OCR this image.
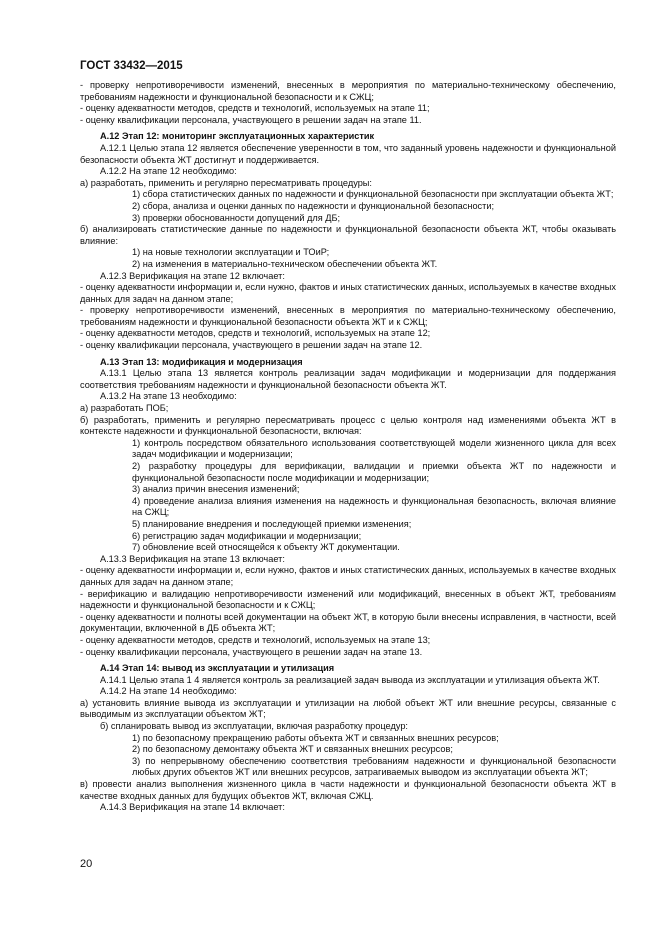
ГОСТ 33432—2015

- проверку непротиворечивости изменений, внесенных в мероприятия по материально-техническому обеспечению, требованиям надежности и функциональной безопасности и к СЖЦ;

- оценку адекватности методов, средств и технологий, используемых на этапе 11;

- оценку квалификации персонала, участвующего в решении задач на этапе 11.

А.12 Этап 12: мониторинг эксплуатационных характеристик

А.12.1 Целью этапа 12 является обеспечение уверенности в том, что заданный уровень надежности и функциональной безопасности объекта ЖТ достигнут и поддерживается.

А.12.2 На этапе 12 необходимо:

а) разработать, применить и регулярно пересматривать процедуры:

1) сбора статистических данных по надежности и функциональной безопасности при эксплуатации объекта ЖТ;

2) сбора, анализа и оценки данных по надежности и функциональной безопасности;

3) проверки обоснованности допущений для ДБ;

б) анализировать статистические данные по надежности и функциональной безопасности объекта ЖТ, чтобы оказывать влияние:

1) на новые технологии эксплуатации и ТОиР;

2) на изменения в материально-техническом обеспечении объекта ЖТ.

А.12.3 Верификация на этапе 12 включает:

- оценку адекватности информации и, если нужно, фактов и иных статистических данных, используемых в качестве входных данных для задач на данном этапе;

- проверку непротиворечивости изменений, внесенных в мероприятия по материально-техническому обеспечению, требованиям надежности и функциональной безопасности объекта ЖТ и к СЖЦ;

- оценку адекватности методов, средств и технологий, используемых на этапе 12;

- оценку квалификации персонала, участвующего в решении задач на этапе 12.

А.13 Этап 13: модификация и модернизация

А.13.1 Целью этапа 13 является контроль реализации задач модификации и модернизации для поддержания соответствия требованиям надежности и функциональной безопасности объекта ЖТ.

А.13.2 На этапе 13 необходимо:

а) разработать ПОБ;

б) разработать, применить и регулярно пересматривать процесс с целью контроля над изменениями объекта ЖТ в контексте надежности и функциональной безопасности, включая:

1) контроль посредством обязательного использования соответствующей модели жизненного цикла для всех задач модификации и модернизации;

2) разработку процедуры для верификации, валидации и приемки объекта ЖТ по надежности и функциональной безопасности после модификации и модернизации;

3) анализ причин внесения изменений;

4) проведение анализа влияния изменения на надежность и функциональная безопасность, включая влияние на СЖЦ;

5) планирование внедрения и последующей приемки изменения;

6) регистрацию задач модификации и модернизации;

7) обновление всей относящейся к объекту ЖТ документации.

А.13.3 Верификация на этапе 13 включает:

- оценку адекватности информации и, если нужно, фактов и иных статистических данных, используемых в качестве входных данных для задач на данном этапе;

- верификацию и валидацию непротиворечивости изменений или модификаций, внесенных в объект ЖТ, требованиям надежности и функциональной безопасности и к СЖЦ;

- оценку адекватности и полноты всей документации на объект ЖТ, в которую были внесены исправления, в частности, всей документации, включенной в ДБ объекта ЖТ;

- оценку адекватности методов, средств и технологий, используемых на этапе 13;

- оценку квалификации персонала, участвующего в решении задач на этапе 13.

А.14 Этап 14: вывод из эксплуатации и утилизация

А.14.1 Целью этапа 1 4 является контроль за реализацией задач вывода из эксплуатации и утилизация объекта ЖТ.

А.14.2 На этапе 14 необходимо:

а) установить влияние вывода из эксплуатации и утилизации на любой объект ЖТ или внешние ресурсы, связанные с выводимым из эксплуатации объектом ЖТ;

б) спланировать вывод из эксплуатации, включая разработку процедур:

1) по безопасному прекращению работы объекта ЖТ и связанных внешних ресурсов;

2) по безопасному демонтажу объекта ЖТ и связанных внешних ресурсов;

3) по непрерывному обеспечению соответствия требованиям надежности и функциональной безопасности любых других объектов ЖТ или внешних ресурсов, затрагиваемых выводом из эксплуатации объекта ЖТ;

в) провести анализ выполнения жизненного цикла в части надежности и функциональной безопасности объекта ЖТ в качестве входных данных для будущих объектов ЖТ, включая СЖЦ.

А.14.3 Верификация на этапе 14 включает:

20
